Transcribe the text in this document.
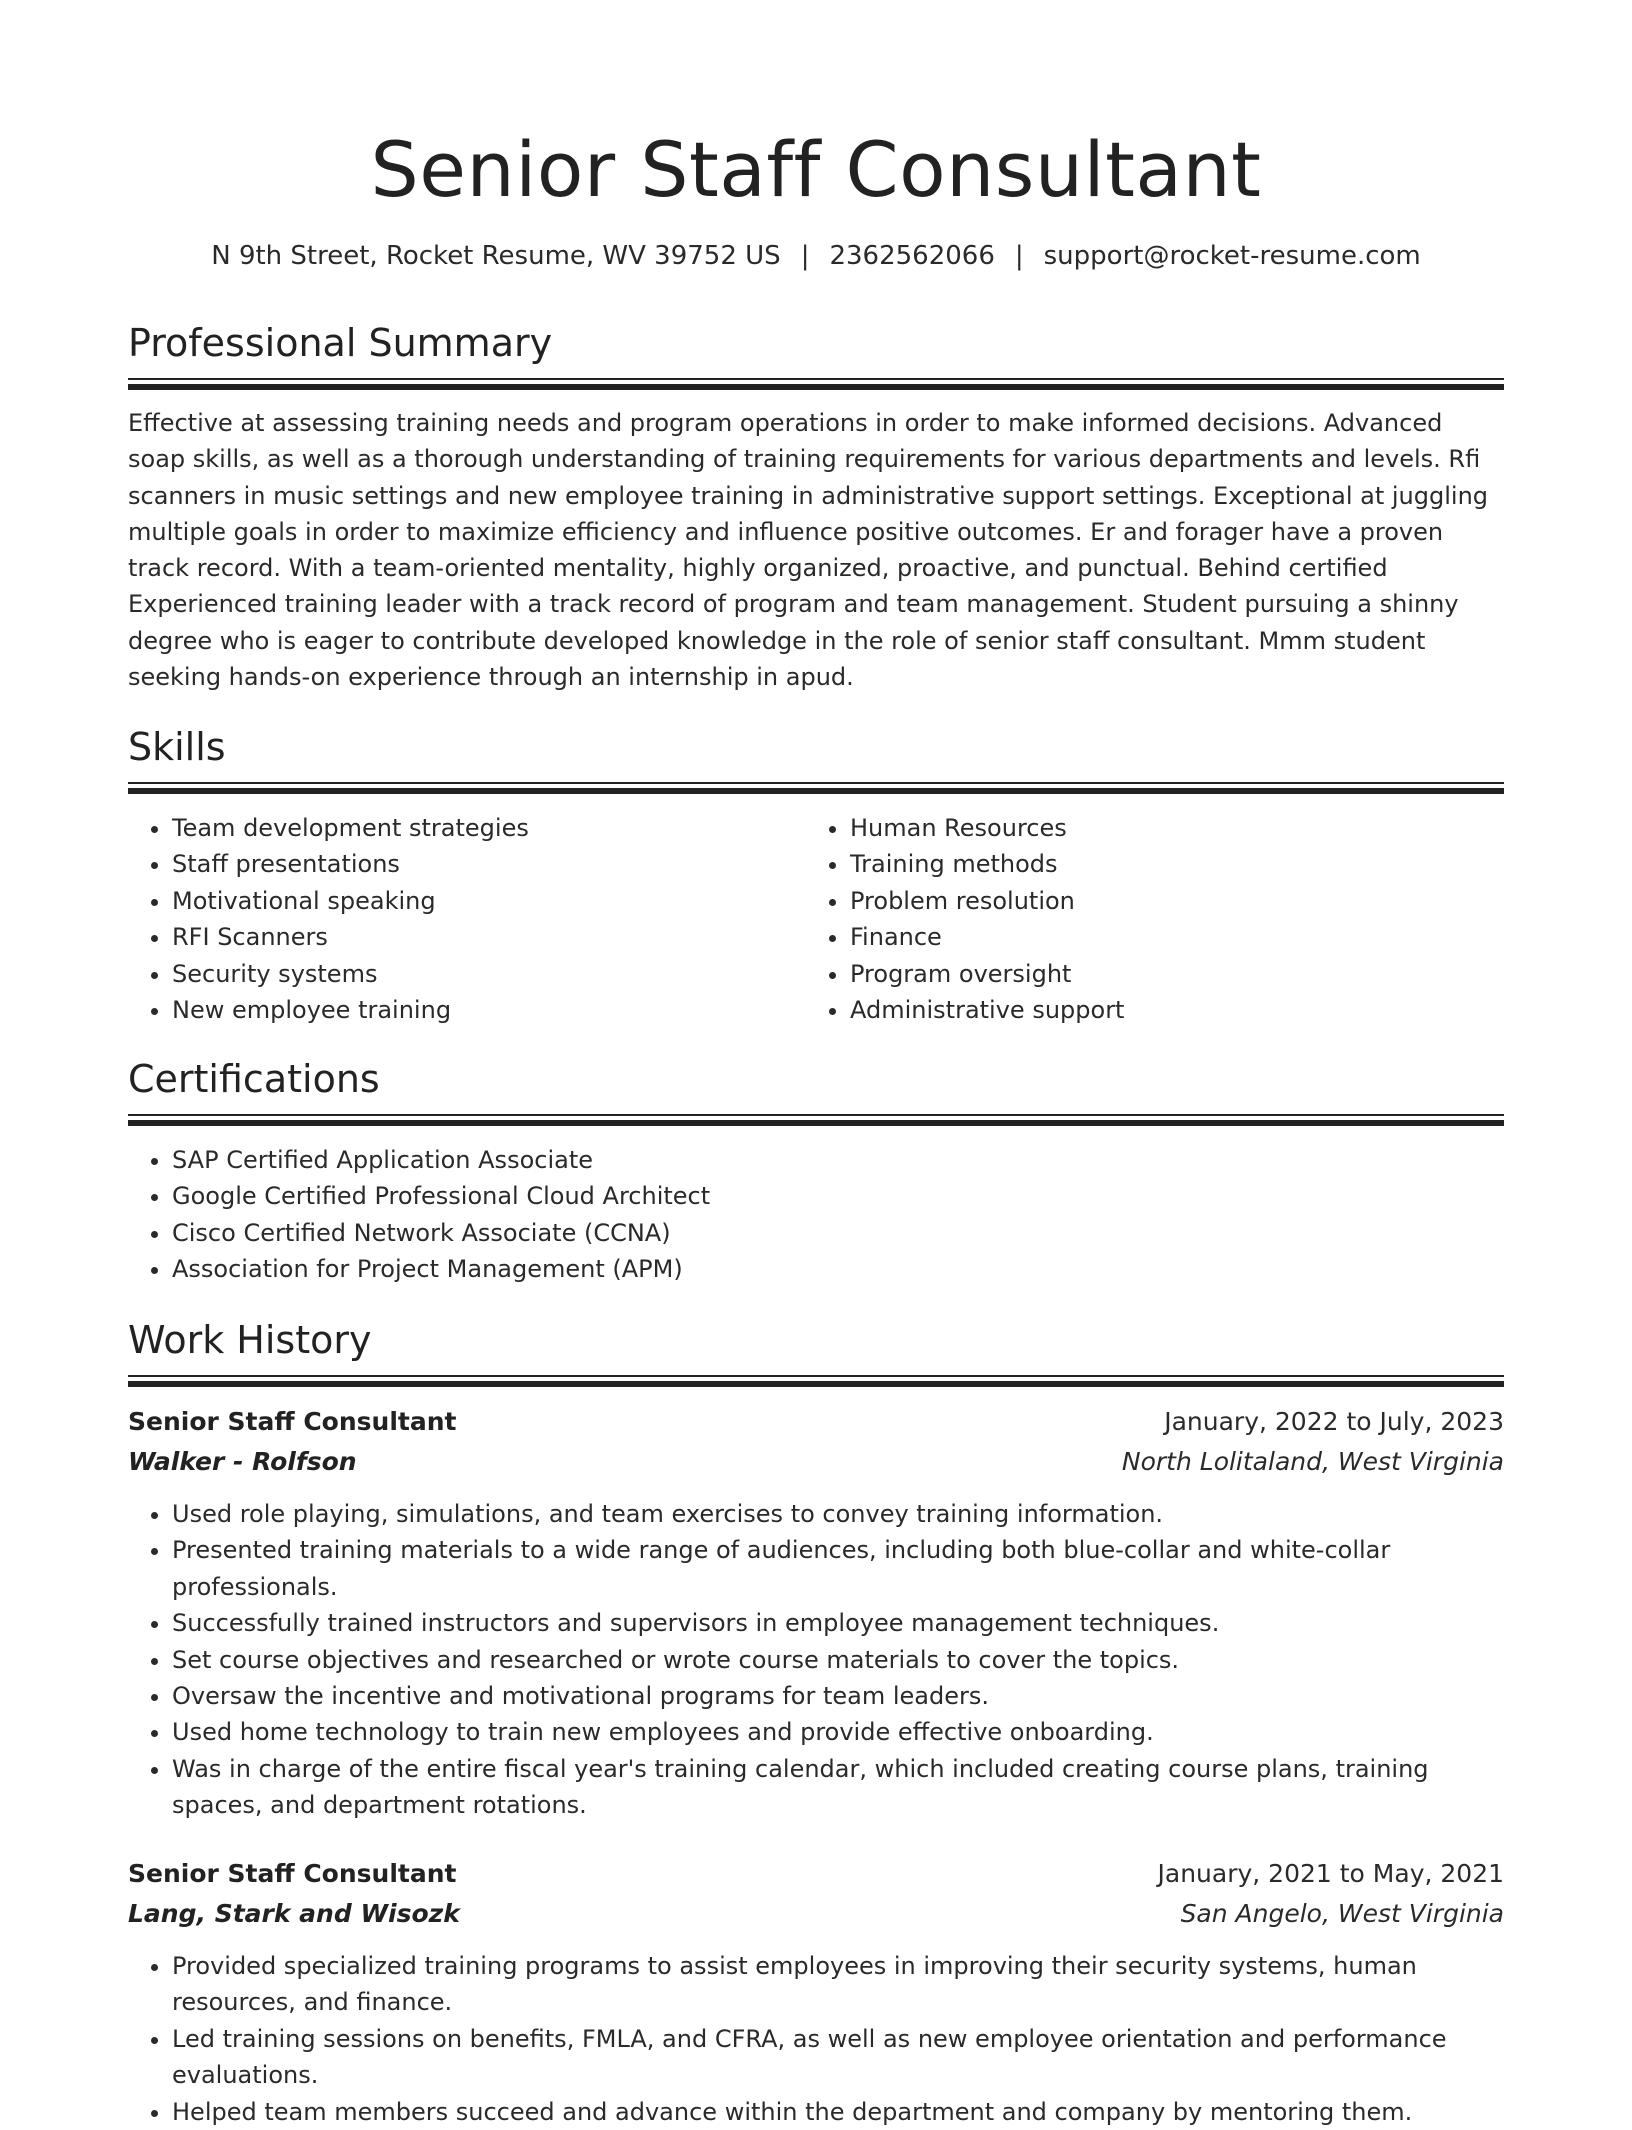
Senior Staff Consultant
N 9th Street, Rocket Resume, WV 39752 US | 2362562066 | support@rocket-resume.com
Professional Summary
Effective at assessing training needs and program operations in order to make informed decisions. Advanced soap skills, as well as a thorough understanding of training requirements for various departments and levels. Rfi scanners in music settings and new employee training in administrative support settings. Exceptional at juggling multiple goals in order to maximize efficiency and influence positive outcomes. Er and forager have a proven track record. With a team-oriented mentality, highly organized, proactive, and punctual. Behind certified Experienced training leader with a track record of program and team management. Student pursuing a shinny degree who is eager to contribute developed knowledge in the role of senior staff consultant. Mmm student seeking hands-on experience through an internship in apud.
Skills
• Team development strategies
• Staff presentations
• Motivational speaking
• RFI Scanners
• Security systems
• New employee training
• Human Resources
• Training methods
• Problem resolution
• Finance
• Program oversight
• Administrative support
Certifications
• SAP Certified Application Associate
• Google Certified Professional Cloud Architect
• Cisco Certified Network Associate (CCNA)
• Association for Project Management (APM)
Work History
Senior Staff Consultant	January, 2022 to July, 2023
Walker - Rolfson	North Lolitaland, West Virginia
• Used role playing, simulations, and team exercises to convey training information.
• Presented training materials to a wide range of audiences, including both blue-collar and white-collar professionals.
• Successfully trained instructors and supervisors in employee management techniques.
• Set course objectives and researched or wrote course materials to cover the topics.
• Oversaw the incentive and motivational programs for team leaders.
• Used home technology to train new employees and provide effective onboarding.
• Was in charge of the entire fiscal year's training calendar, which included creating course plans, training spaces, and department rotations.
Senior Staff Consultant	January, 2021 to May, 2021
Lang, Stark and Wisozk	San Angelo, West Virginia
• Provided specialized training programs to assist employees in improving their security systems, human resources, and finance.
• Led training sessions on benefits, FMLA, and CFRA, as well as new employee orientation and performance evaluations.
• Helped team members succeed and advance within the department and company by mentoring them.
